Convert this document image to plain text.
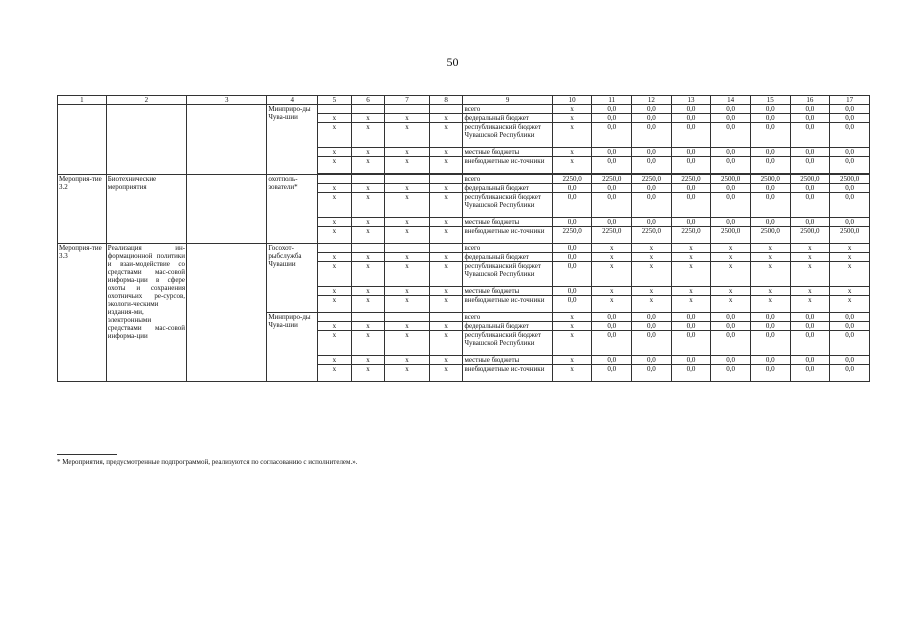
50
1	2	3	4	5	6	7	8	9	10	11	12	13	14	15	16	17
			Минприро-ды Чува-шии					всего	x	0,0	0,0	0,0	0,0	0,0	0,0	0,0
				x	x	x	x	федеральный бюджет	x	0,0	0,0	0,0	0,0	0,0	0,0	0,0
				x	x	x	x	республиканский бюджет Чувашской Республики	x	0,0	0,0	0,0	0,0	0,0	0,0	0,0
				x	x	x	x	местные бюджеты	x	0,0	0,0	0,0	0,0	0,0	0,0	0,0
				x	x	x	x	внебюджетные ис-точники	x	0,0	0,0	0,0	0,0	0,0	0,0	0,0

Мероприя-тие 3.2	Биотехнические мероприятия		охотполь-зователи*					всего	2250,0	2250,0	2250,0	2250,0	2500,0	2500,0	2500,0	2500,0
				x	x	x	x	федеральный бюджет	0,0	0,0	0,0	0,0	0,0	0,0	0,0	0,0
				x	x	x	x	республиканский бюджет Чувашской Республики	0,0	0,0	0,0	0,0	0,0	0,0	0,0	0,0
				x	x	x	x	местные бюджеты	0,0	0,0	0,0	0,0	0,0	0,0	0,0	0,0
				x	x	x	x	внебюджетные ис-точники	2250,0	2250,0	2250,0	2250,0	2500,0	2500,0	2500,0	2500,0
Мероприя-тие 3.3	Реализация ин-формационной политики и взаи-модействие со средствами мас-совой информа-ции в сфере охоты и сохранения охотничьих ре-сурсов, экологи-ческими издания-ми, электронными средствами мас-совой информа-ции		Госохот-рыбслужба Чувашии					всего	0,0	x	x	x	x	x	x	x
				x	x	x	x	федеральный бюджет	0,0	x	x	x	x	x	x	x
				x	x	x	x	республиканский бюджет Чувашской Республики	0,0	x	x	x	x	x	x	x
				x	x	x	x	местные бюджеты	0,0	x	x	x	x	x	x	x
				x	x	x	x	внебюджетные ис-точники	0,0	x	x	x	x	x	x	x
			Минприро-ды Чува-шии					всего	x	0,0	0,0	0,0	0,0	0,0	0,0	0,0
				x	x	x	x	федеральный бюджет	x	0,0	0,0	0,0	0,0	0,0	0,0	0,0
				x	x	x	x	республиканский бюджет Чувашской Республики	x	0,0	0,0	0,0	0,0	0,0	0,0	0,0
				x	x	x	x	местные бюджеты	x	0,0	0,0	0,0	0,0	0,0	0,0	0,0
				x	x	x	x	внебюджетные ис-точники	x	0,0	0,0	0,0	0,0	0,0	0,0	0,0
* Мероприятия, предусмотренные подпрограммой, реализуются по согласованию с исполнителем.».
